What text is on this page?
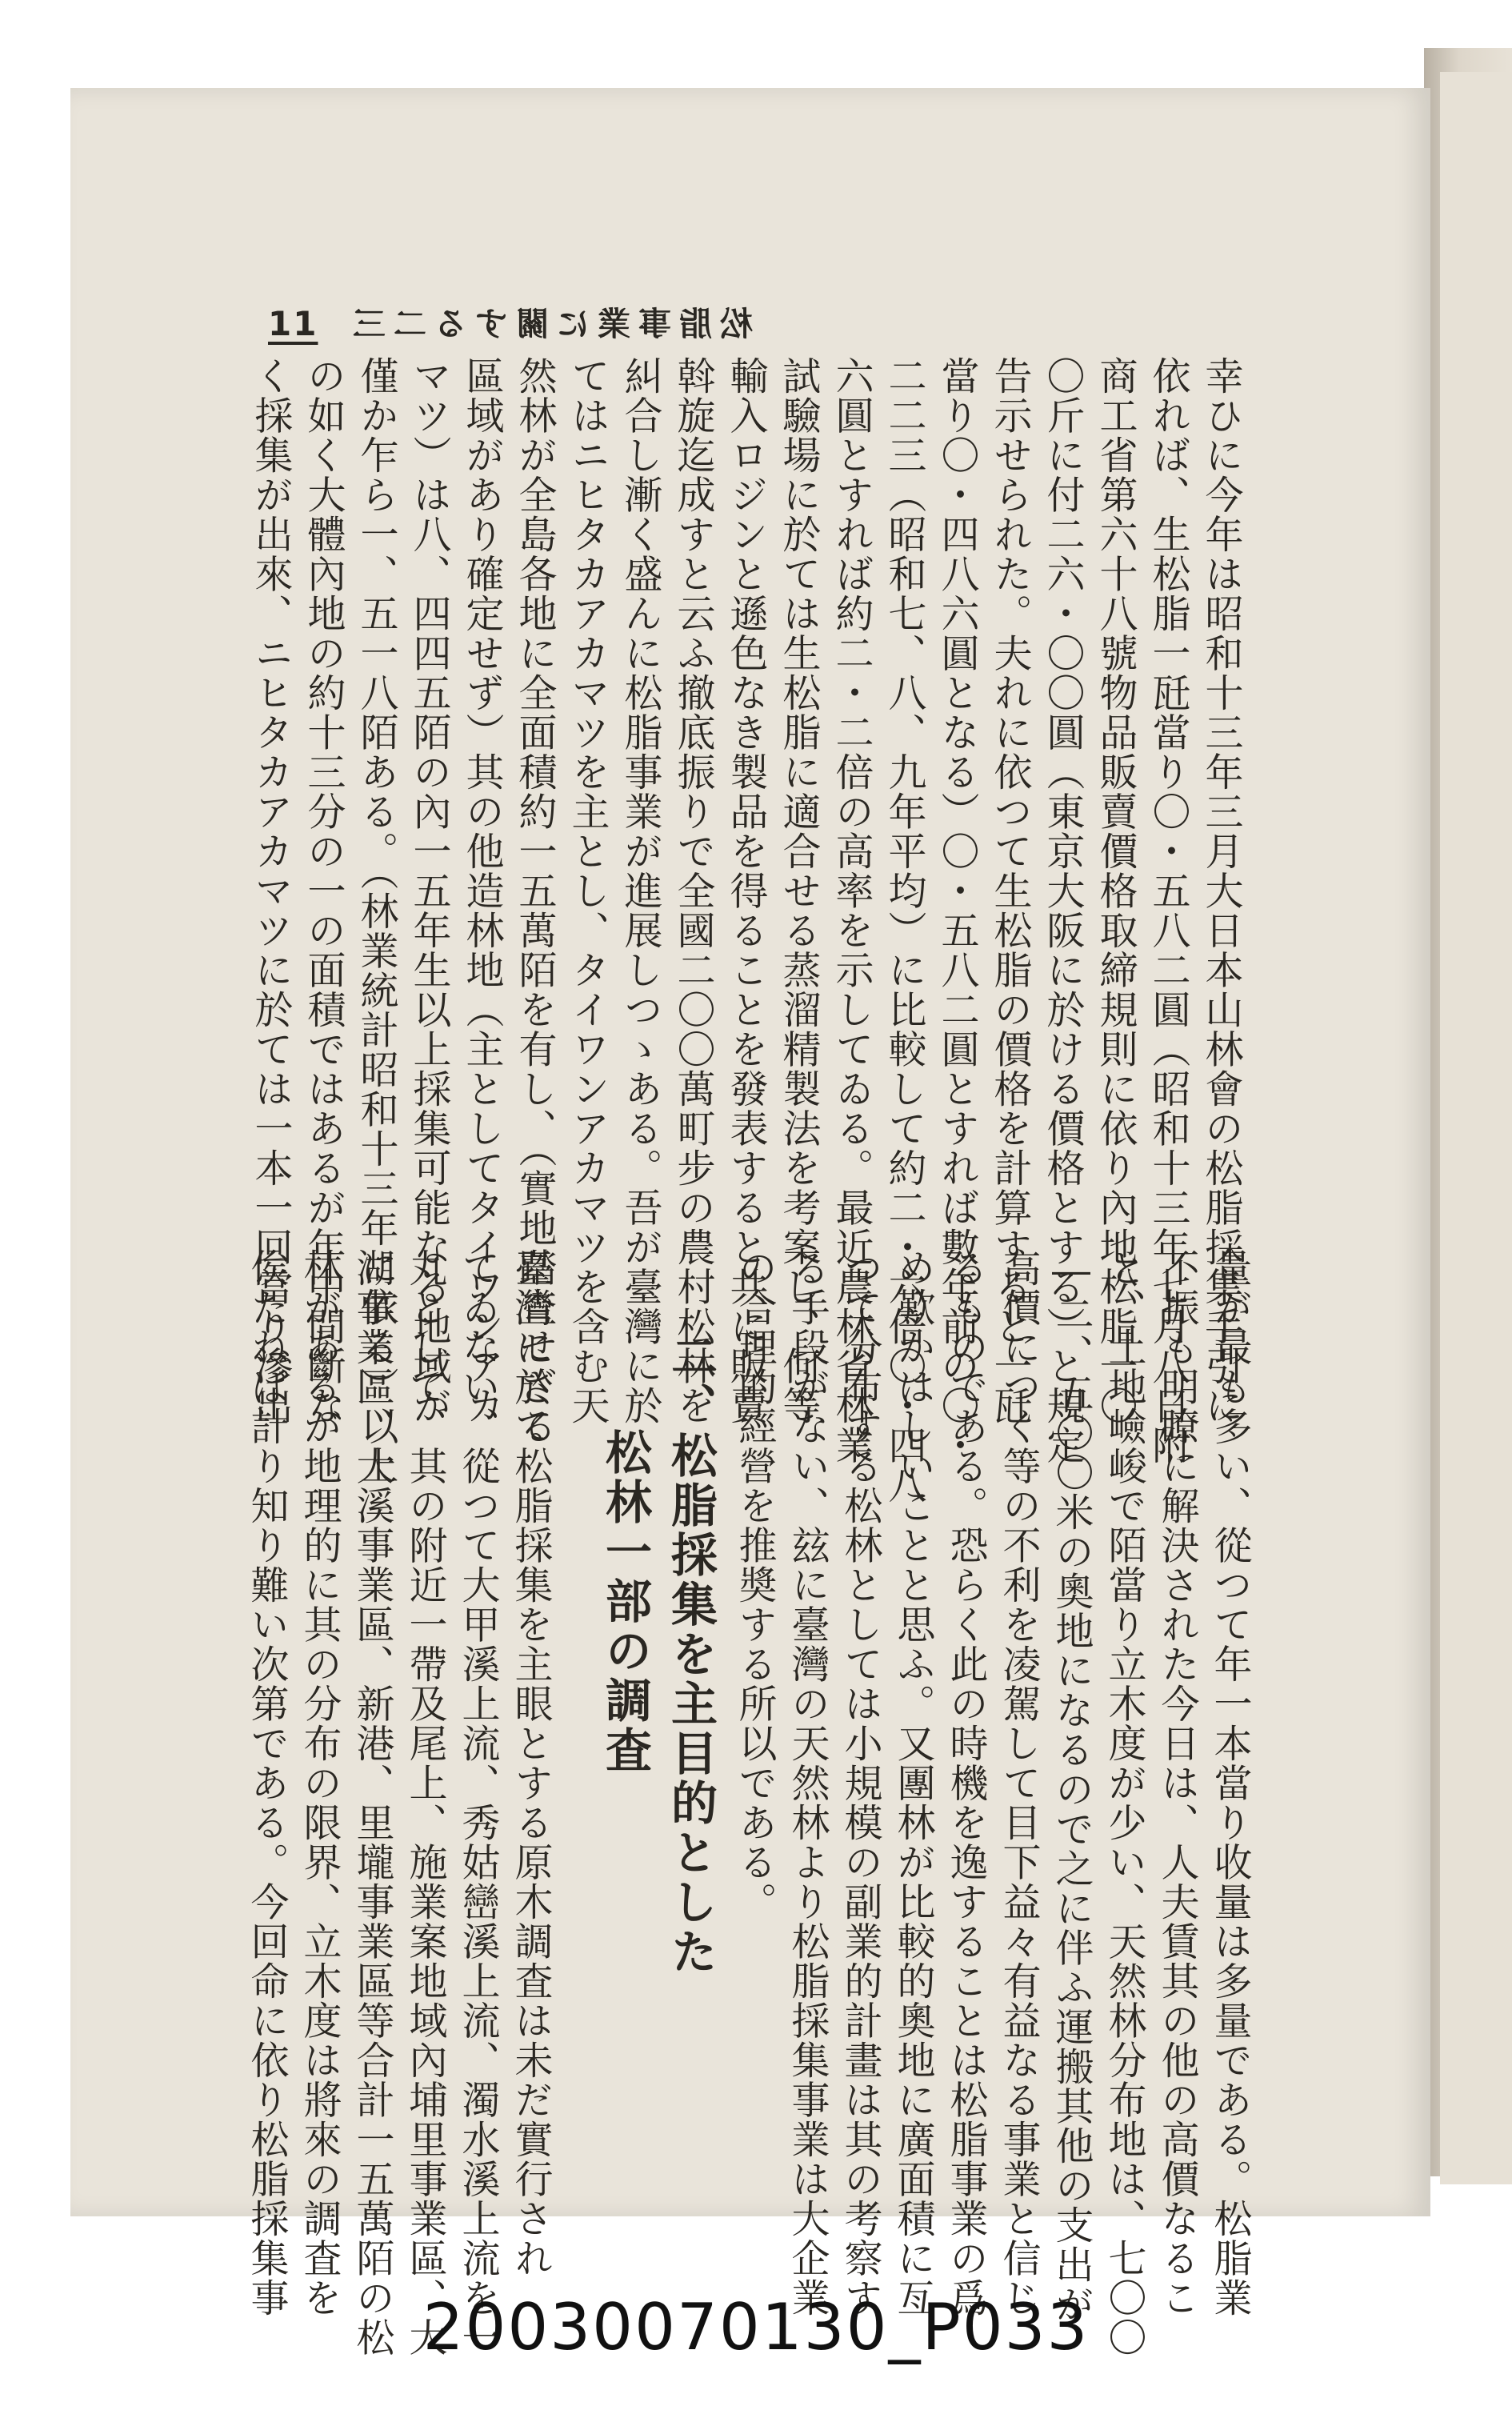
11 松脂事業に關する二三
幸ひに今年は昭和十三年三月大日本山林會の松脂採集手引に
依れば、生松脂一瓩當り〇・五八二圓（昭和十三年七月八日附
商工省第六十八號物品販賣價格取締規則に依り內地松脂一〇
〇斤に付二六・〇〇圓（東京大阪に於ける價格とする）と規定
告示せられた。夫れに依つて生松脂の價格を計算すると一瓩
當り〇・四八六圓となる）〇・五八二圓とすれば數年前の〇・
二二三（昭和七、八、九年平均）に比較して約二・六倍〇・四八
六圓とすれば約二・二倍の高率を示してゐる。最近農林省林業
試驗場に於ては生松脂に適合せる蒸溜精製法を考案し、何等
輸入ロジンと遜色なき製品を得ることを發表すると共に販賣
斡旋迄成すと云ふ撤底振りで全國二〇〇萬町步の農村松林を
糾合し漸く盛んに松脂事業が進展しつゝある。吾が臺灣に於
てはニヒタカアカマツを主とし、タイワンアカマツを含む天
然林が全島各地に全面積約一五萬陌を有し、（實地踏査せざる
區域があり確定せず）其の他造林地（主としてタイワンアカ
マツ）は八、四四五陌の內一五年生以上採集可能なる地域が
僅か乍ら一、五一八陌ある。（林業統計昭和十三年に依る）以上
の如く大體內地の約十三分の一の面積ではあるが年中間斷な
く採集が出來、ニヒタカアカマツに於ては一本一回當り滲出
二、松脂採集を主目的とした
松林一部の調査	量が最も多い、從つて年一本當り收量は多量である。松脂業
不振も明瞭に解決された今日は、人夫賃其の他の高價なるこ
と、土地嶮峻で陌當り立木度が少い、天然林分布地は、七〇〇
―二、五〇〇米の奧地になるので之に伴ふ運搬其他の支出が
高價につく等の不利を凌駕して目下益々有益なる事業と信じ
るものである。恐らく此の時機を逸することは松脂事業の爲
め歎かはしいことと思ふ。又團林が比較的奧地に廣面積に亙
つて分布する松林としては小規模の副業的計畫は其の考察す
る手段がない、玆に臺灣の天然林より松脂採集事業は大企業
の合理的經營を推奬する所以である。
臺灣に於て松脂採集を主眼とする原木調査は未だ實行され
てゐない、從つて大甲溪上流、秀姑巒溪上流、濁水溪上流を一
丸として、其の附近一帶及尾上、施業案地域內埔里事業區、大
湖事業區、大溪事業區、新港、里壠事業區等合計一五萬陌の松
林があるが地理的に其の分布の限界、立木度は將來の調査を
俟たねば計り知り難い次第である。今回命に依り松脂採集事
20030070130_P033
